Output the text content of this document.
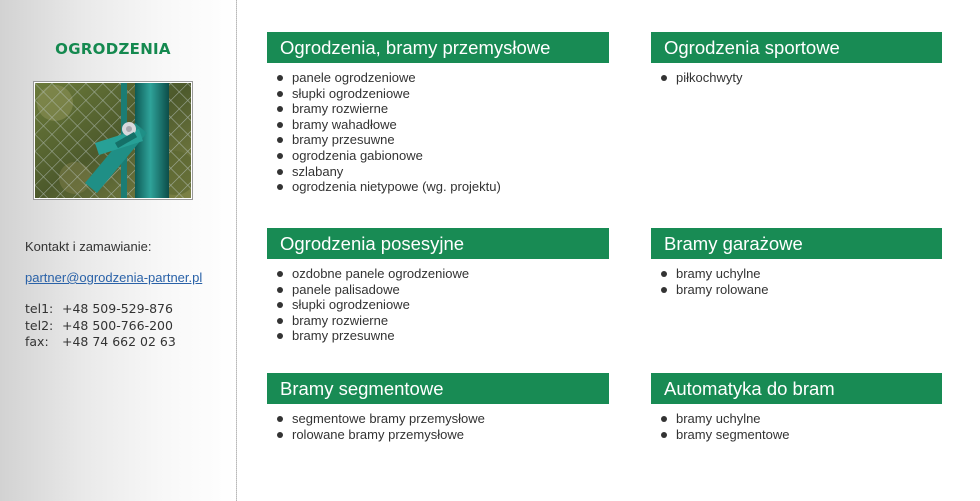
OGRODZENIA
Kontakt i zamawianie:
partner@ogrodzenia-partner.pl
tel1: +48 509-529-876
tel2: +48 500-766-200
fax: +48 74 662 02 63
Ogrodzenia, bramy przemysłowe
panele ogrodzeniowe
słupki ogrodzeniowe
bramy rozwierne
bramy wahadłowe
bramy przesuwne
ogrodzenia gabionowe
szlabany
ogrodzenia nietypowe (wg. projektu)
Ogrodzenia sportowe
piłkochwyty
Ogrodzenia posesyjne
ozdobne panele ogrodzeniowe
panele palisadowe
słupki ogrodzeniowe
bramy rozwierne
bramy przesuwne
Bramy garażowe
bramy uchylne
bramy rolowane
Bramy segmentowe
segmentowe bramy przemysłowe
rolowane bramy przemysłowe
Automatyka do bram
bramy uchylne
bramy segmentowe
